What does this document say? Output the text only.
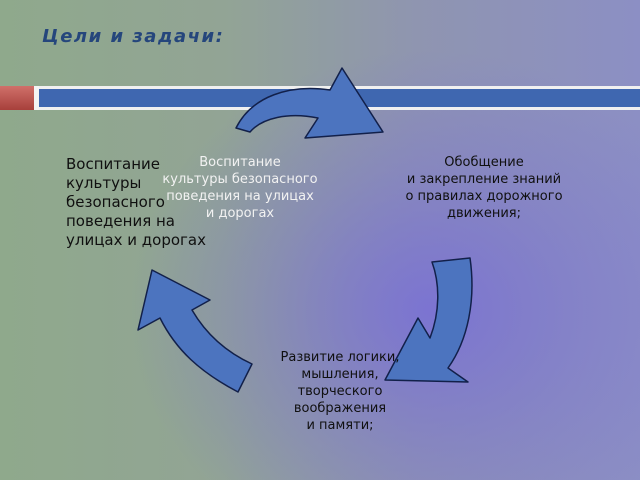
Цели и задачи:
Воспитание
культуры безопасного
поведения на улицах
и дорогах
Воспитание
культуры
безопасного
поведения на
улицах и дорогах
Обобщение
и закрепление знаний
о правилах дорожного
движения;
Развитие логики,
мышления,
творческого
воображения
и памяти;
